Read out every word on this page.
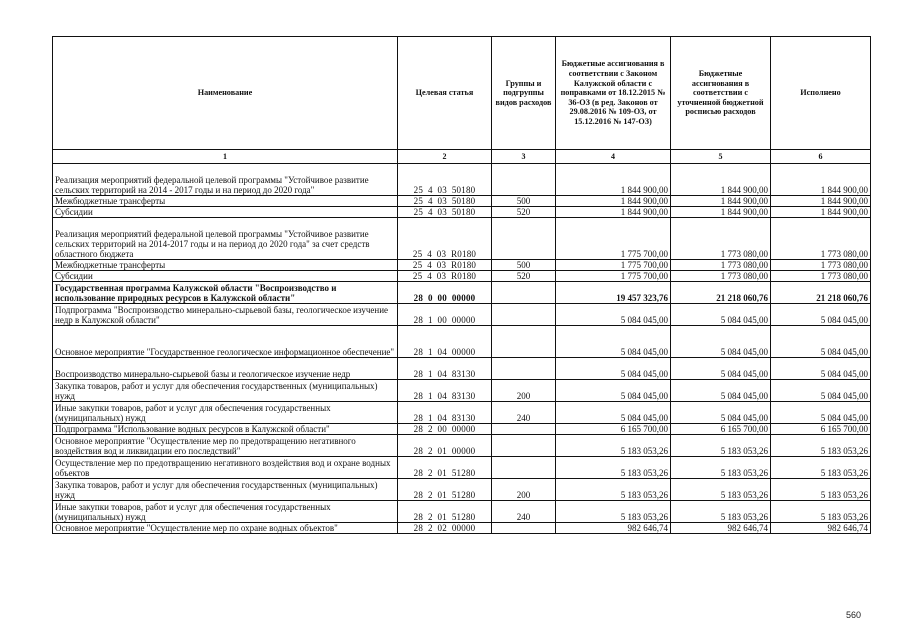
Наименование	Целевая статья	Группы и подгруппы видов расходов	Бюджетные ассигнования в соответствии с Законом Калужской области с поправками от 18.12.2015 № 36-ОЗ (в ред. Законов от 29.08.2016 № 109-ОЗ, от 15.12.2016 № 147-ОЗ)	Бюджетные ассигнования в соответствии с уточненной бюджетной росписью расходов	Исполнено
1	2	3	4	5	6
Реализация мероприятий федеральной целевой программы "Устойчивое развитие сельских территорий на 2014 - 2017 годы и на период до 2020 года"	25  4  03  50180		1 844 900,00	1 844 900,00	1 844 900,00
Межбюджетные трансферты	25  4  03  50180	500	1 844 900,00	1 844 900,00	1 844 900,00
Субсидии	25  4  03  50180	520	1 844 900,00	1 844 900,00	1 844 900,00
Реализация мероприятий федеральной целевой программы "Устойчивое развитие сельских территорий на 2014-2017 годы и на период до 2020 года" за счет средств областного бюджета	25  4  03  R0180		1 775 700,00	1 773 080,00	1 773 080,00
Межбюджетные трансферты	25  4  03  R0180	500	1 775 700,00	1 773 080,00	1 773 080,00
Субсидии	25  4  03  R0180	520	1 775 700,00	1 773 080,00	1 773 080,00
Государственная программа Калужской области "Воспроизводство и использование природных ресурсов в Калужской области"	28  0  00  00000		19 457 323,76	21 218 060,76	21 218 060,76
Подпрограмма "Воспроизводство минерально-сырьевой базы, геологическое изучение недр в Калужской области"	28  1  00  00000		5 084 045,00	5 084 045,00	5 084 045,00
Основное мероприятие "Государственное геологическое информационное обеспечение"	28  1  04  00000		5 084 045,00	5 084 045,00	5 084 045,00
Воспроизводство минерально-сырьевой базы и геологическое изучение недр	28  1  04  83130		5 084 045,00	5 084 045,00	5 084 045,00
Закупка товаров, работ и услуг для обеспечения государственных (муниципальных) нужд	28  1  04  83130	200	5 084 045,00	5 084 045,00	5 084 045,00
Иные закупки товаров, работ и услуг для обеспечения государственных (муниципальных) нужд	28  1  04  83130	240	5 084 045,00	5 084 045,00	5 084 045,00
Подпрограмма "Использование водных ресурсов в Калужской области"	28  2  00  00000		6 165 700,00	6 165 700,00	6 165 700,00
Основное мероприятие "Осуществление мер по предотвращению негативного воздействия вод и ликвидации его последствий"	28  2  01  00000		5 183 053,26	5 183 053,26	5 183 053,26
Осуществление мер по предотвращению негативного воздействия вод и охране водных объектов	28  2  01  51280		5 183 053,26	5 183 053,26	5 183 053,26
Закупка товаров, работ и услуг для обеспечения государственных (муниципальных) нужд	28  2  01  51280	200	5 183 053,26	5 183 053,26	5 183 053,26
Иные закупки товаров, работ и услуг для обеспечения государственных (муниципальных) нужд	28  2  01  51280	240	5 183 053,26	5 183 053,26	5 183 053,26
Основное мероприятие "Осуществление мер по охране водных объектов"	28  2  02  00000		982 646,74	982 646,74	982 646,74
560
